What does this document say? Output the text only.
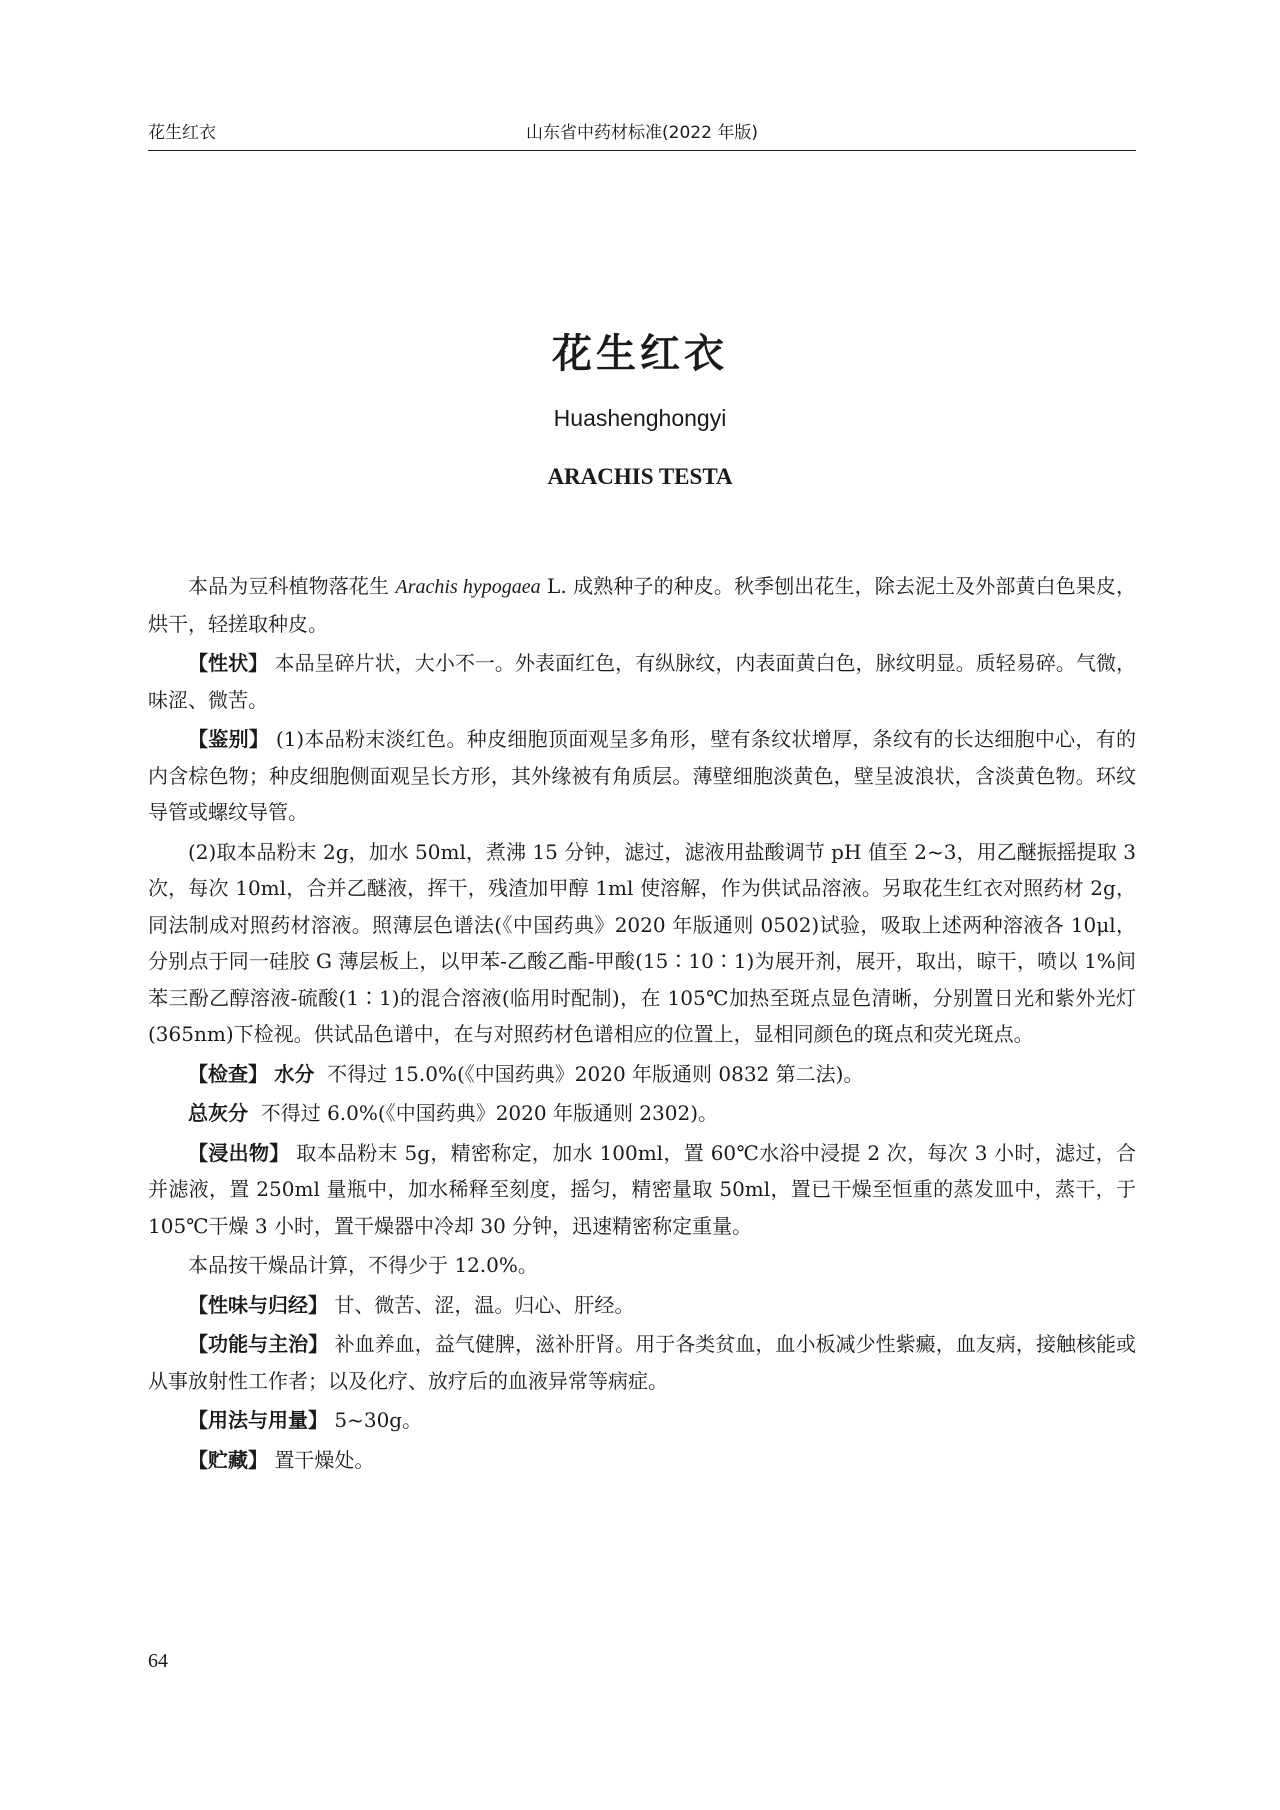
花生红衣	山东省中药材标准(2022 年版)
花生红衣
Huashenghongyi
ARACHIS TESTA

本品为豆科植物落花生 Arachis hypogaea L. 成熟种子的种皮。秋季刨出花生，除去泥土及外部黄白色果皮，烘干，轻搓取种皮。

【性状】 本品呈碎片状，大小不一。外表面红色，有纵脉纹，内表面黄白色，脉纹明显。质轻易碎。气微，味涩、微苦。

【鉴别】 (1)本品粉末淡红色。种皮细胞顶面观呈多角形，壁有条纹状增厚，条纹有的长达细胞中心，有的内含棕色物；种皮细胞侧面观呈长方形，其外缘被有角质层。薄壁细胞淡黄色，壁呈波浪状，含淡黄色物。环纹导管或螺纹导管。

(2)取本品粉末 2g，加水 50ml，煮沸 15 分钟，滤过，滤液用盐酸调节 pH 值至 2~3，用乙醚振摇提取 3 次，每次 10ml，合并乙醚液，挥干，残渣加甲醇 1ml 使溶解，作为供试品溶液。另取花生红衣对照药材 2g，同法制成对照药材溶液。照薄层色谱法(《中国药典》2020 年版通则 0502)试验，吸取上述两种溶液各 10μl，分别点于同一硅胶 G 薄层板上，以甲苯-乙酸乙酯-甲酸(15∶10∶1)为展开剂，展开，取出，晾干，喷以 1%间苯三酚乙醇溶液-硫酸(1∶1)的混合溶液(临用时配制)，在 105℃加热至斑点显色清晰，分别置日光和紫外光灯(365nm)下检视。供试品色谱中，在与对照药材色谱相应的位置上，显相同颜色的斑点和荧光斑点。

【检查】 水分 不得过 15.0%(《中国药典》2020 年版通则 0832 第二法)。

总灰分 不得过 6.0%(《中国药典》2020 年版通则 2302)。

【浸出物】 取本品粉末 5g，精密称定，加水 100ml，置 60℃水浴中浸提 2 次，每次 3 小时，滤过，合并滤液，置 250ml 量瓶中，加水稀释至刻度，摇匀，精密量取 50ml，置已干燥至恒重的蒸发皿中，蒸干，于 105℃干燥 3 小时，置干燥器中冷却 30 分钟，迅速精密称定重量。

本品按干燥品计算，不得少于 12.0%。

【性味与归经】 甘、微苦、涩，温。归心、肝经。

【功能与主治】 补血养血，益气健脾，滋补肝肾。用于各类贫血，血小板减少性紫癜，血友病，接触核能或从事放射性工作者；以及化疗、放疗后的血液异常等病症。

【用法与用量】 5~30g。

【贮藏】 置干燥处。

64
